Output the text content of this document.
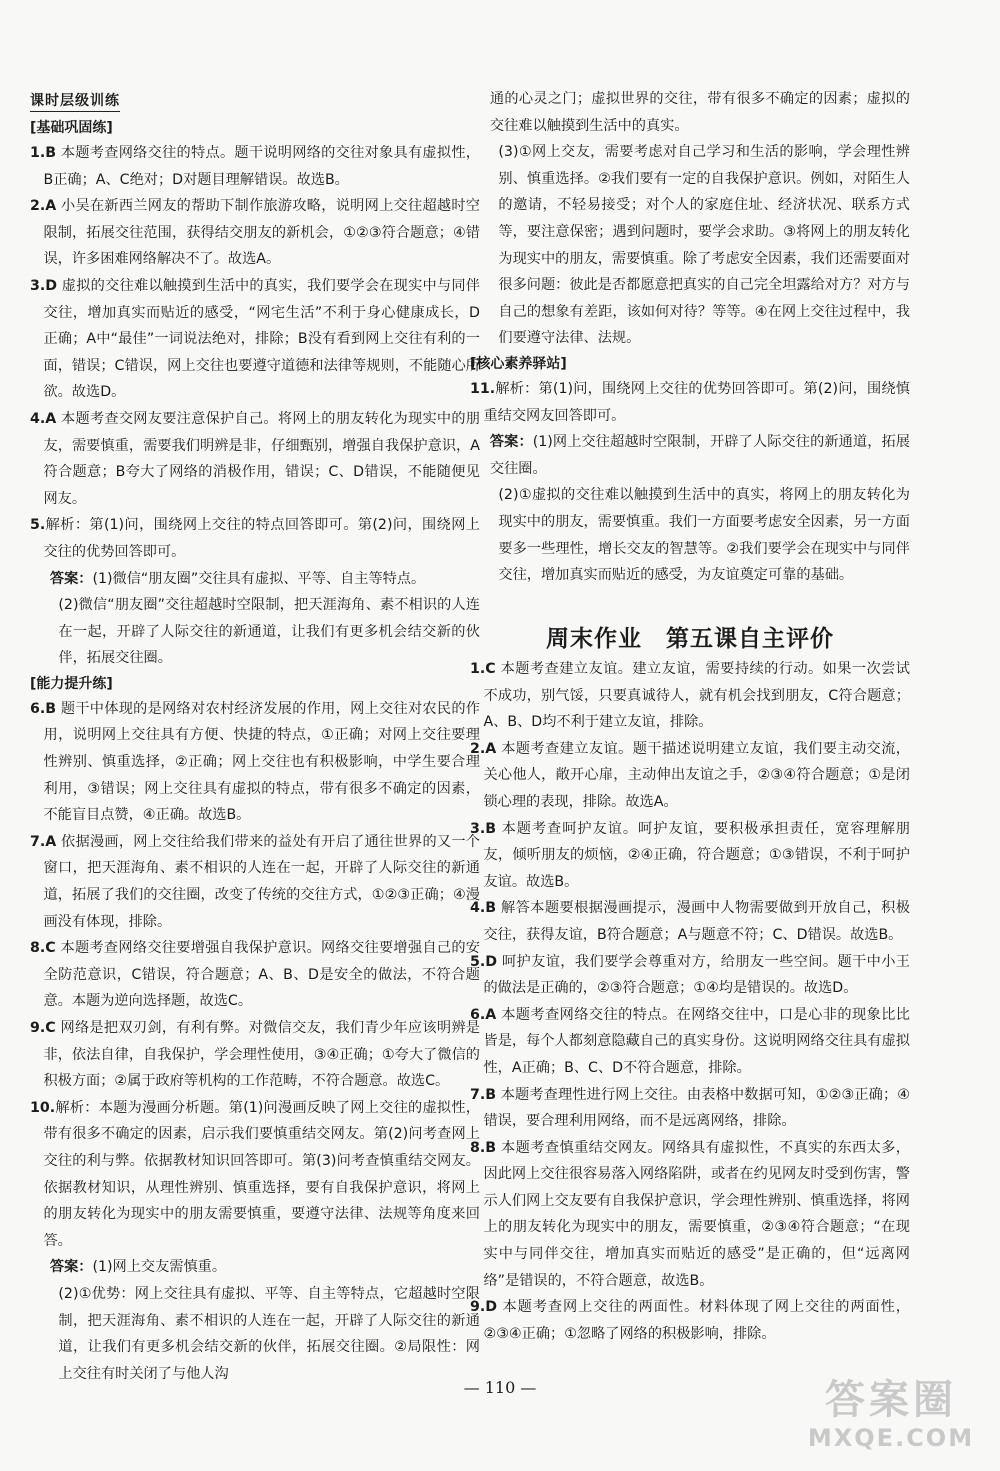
课时层级训练
[基础巩固练]
1.B 本题考查网络交往的特点。题干说明网络的交往对象具有虚拟性，B正确；A、C绝对；D对题目理解错误。故选B。
2.A 小吴在新西兰网友的帮助下制作旅游攻略，说明网上交往超越时空限制，拓展交往范围，获得结交朋友的新机会，①②③符合题意；④错误，许多困难网络解决不了。故选A。
3.D 虚拟的交往难以触摸到生活中的真实，我们要学会在现实中与同伴交往，增加真实而贴近的感受，“网宅生活”不利于身心健康成长，D正确；A中“最佳”一词说法绝对，排除；B没有看到网上交往有利的一面，错误；C错误，网上交往也要遵守道德和法律等规则，不能随心所欲。故选D。
4.A 本题考查交网友要注意保护自己。将网上的朋友转化为现实中的朋友，需要慎重，需要我们明辨是非，仔细甄别，增强自我保护意识，A符合题意；B夸大了网络的消极作用，错误；C、D错误，不能随便见网友。
5.解析：第(1)问，围绕网上交往的特点回答即可。第(2)问，围绕网上交往的优势回答即可。
答案：(1)微信“朋友圈”交往具有虚拟、平等、自主等特点。
(2)微信“朋友圈”交往超越时空限制，把天涯海角、素不相识的人连在一起，开辟了人际交往的新通道，让我们有更多机会结交新的伙伴，拓展交往圈。
[能力提升练]
6.B 题干中体现的是网络对农村经济发展的作用，网上交往对农民的作用，说明网上交往具有方便、快捷的特点，①正确；对网上交往要理性辨别、慎重选择，②正确；网上交往也有积极影响，中学生要合理利用，③错误；网上交往具有虚拟的特点，带有很多不确定的因素，不能盲目点赞，④正确。故选B。
7.A 依据漫画，网上交往给我们带来的益处有开启了通往世界的又一个窗口，把天涯海角、素不相识的人连在一起，开辟了人际交往的新通道，拓展了我们的交往圈，改变了传统的交往方式，①②③正确；④漫画没有体现，排除。
8.C 本题考查网络交往要增强自我保护意识。网络交往要增强自己的安全防范意识，C错误，符合题意；A、B、D是安全的做法，不符合题意。本题为逆向选择题，故选C。
9.C 网络是把双刃剑，有利有弊。对微信交友，我们青少年应该明辨是非，依法自律，自我保护，学会理性使用，③④正确；①夸大了微信的积极方面；②属于政府等机构的工作范畴，不符合题意。故选C。
10.解析：本题为漫画分析题。第(1)问漫画反映了网上交往的虚拟性，带有很多不确定的因素，启示我们要慎重结交网友。第(2)问考查网上交往的利与弊。依据教材知识回答即可。第(3)问考查慎重结交网友。依据教材知识，从理性辨别、慎重选择，要有自我保护意识，将网上的朋友转化为现实中的朋友需要慎重，要遵守法律、法规等角度来回答。
答案：(1)网上交友需慎重。
(2)①优势：网上交往具有虚拟、平等、自主等特点，它超越时空限制，把天涯海角、素不相识的人连在一起，开辟了人际交往的新通道，让我们有更多机会结交新的伙伴，拓展交往圈。②局限性：网上交往有时关闭了与他人沟
通的心灵之门；虚拟世界的交往，带有很多不确定的因素；虚拟的交往难以触摸到生活中的真实。
(3)①网上交友，需要考虑对自己学习和生活的影响，学会理性辨别、慎重选择。②我们要有一定的自我保护意识。例如，对陌生人的邀请，不轻易接受；对个人的家庭住址、经济状况、联系方式等，要注意保密；遇到问题时，要学会求助。③将网上的朋友转化为现实中的朋友，需要慎重。除了考虑安全因素，我们还需要面对很多问题：彼此是否都愿意把真实的自己完全坦露给对方？对方与自己的想象有差距，该如何对待？等等。④在网上交往过程中，我们要遵守法律、法规。
[核心素养驿站]
11.解析：第(1)问，围绕网上交往的优势回答即可。第(2)问，围绕慎重结交网友回答即可。
答案：(1)网上交往超越时空限制，开辟了人际交往的新通道，拓展交往圈。
(2)①虚拟的交往难以触摸到生活中的真实，将网上的朋友转化为现实中的朋友，需要慎重。我们一方面要考虑安全因素，另一方面要多一些理性，增长交友的智慧等。②我们要学会在现实中与同伴交往，增加真实而贴近的感受，为友谊奠定可靠的基础。
周末作业　第五课自主评价
1.C 本题考查建立友谊。建立友谊，需要持续的行动。如果一次尝试不成功，别气馁，只要真诚待人，就有机会找到朋友，C符合题意；A、B、D均不利于建立友谊，排除。
2.A 本题考查建立友谊。题干描述说明建立友谊，我们要主动交流，关心他人，敞开心扉，主动伸出友谊之手，②③④符合题意；①是闭锁心理的表现，排除。故选A。
3.B 本题考查呵护友谊。呵护友谊，要积极承担责任，宽容理解朋友，倾听朋友的烦恼，②④正确，符合题意；①③错误，不利于呵护友谊。故选B。
4.B 解答本题要根据漫画提示，漫画中人物需要做到开放自己，积极交往，获得友谊，B符合题意；A与题意不符；C、D错误。故选B。
5.D 呵护友谊，我们要学会尊重对方，给朋友一些空间。题干中小王的做法是正确的，②③符合题意；①④均是错误的。故选D。
6.A 本题考查网络交往的特点。在网络交往中，口是心非的现象比比皆是，每个人都刻意隐藏自己的真实身份。这说明网络交往具有虚拟性，A正确；B、C、D不符合题意，排除。
7.B 本题考查理性进行网上交往。由表格中数据可知，①②③正确；④错误，要合理利用网络，而不是远离网络，排除。
8.B 本题考查慎重结交网友。网络具有虚拟性，不真实的东西太多，因此网上交往很容易落入网络陷阱，或者在约见网友时受到伤害，警示人们网上交友要有自我保护意识，学会理性辨别、慎重选择，将网上的朋友转化为现实中的朋友，需要慎重，②③④符合题意；“在现实中与同伴交往，增加真实而贴近的感受”是正确的，但“远离网络”是错误的，不符合题意，故选B。
9.D 本题考查网上交往的两面性。材料体现了网上交往的两面性，②③④正确；①忽略了网络的积极影响，排除。
— 110 —	答案圈
MXQE.COM
